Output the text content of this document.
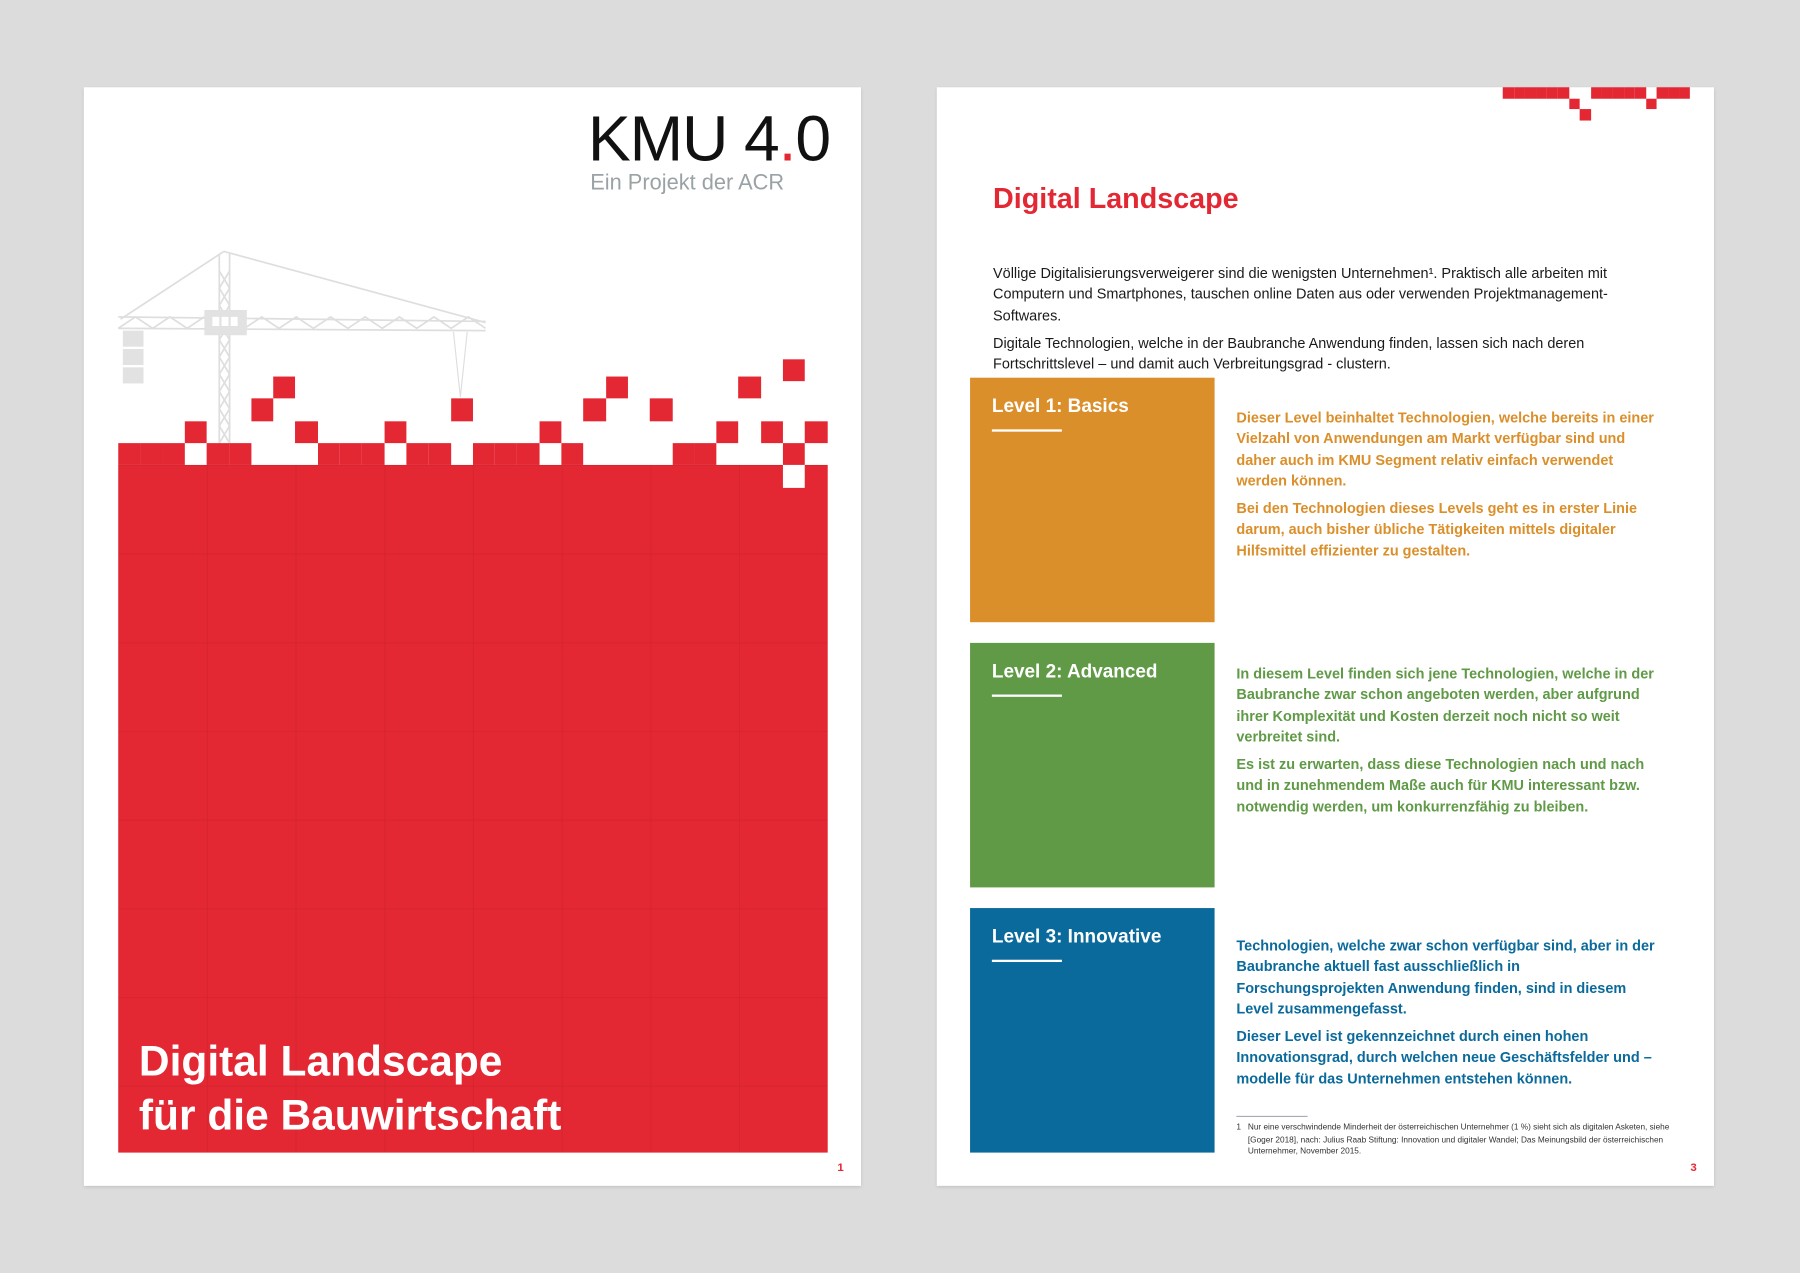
KMU 4.0
Ein Projekt der ACR
Digital Landscape
für die Bauwirtschaft
1
Digital Landscape

Völlige Digitalisierungsverweigerer sind die wenigsten Unternehmen¹. Praktisch alle arbeiten mit Computern und Smartphones, tauschen online Daten aus oder verwenden Projektmanagement-Softwares.

Digitale Technologien, welche in der Baubranche Anwendung finden, lassen sich nach deren Fortschrittslevel – und damit auch Verbreitungsgrad - clustern.

Level 1: Basics

Dieser Level beinhaltet Technologien, welche bereits in einer Vielzahl von Anwendungen am Markt verfügbar sind und daher auch im KMU Segment relativ einfach verwendet werden können.

Bei den Technologien dieses Levels geht es in erster Linie darum, auch bisher übliche Tätigkeiten mittels digitaler Hilfsmittel effizienter zu gestalten.

Level 2: Advanced	In diesem Level finden sich jene Technologien, welche in der Baubranche zwar schon angeboten werden, aber aufgrund ihrer Komplexität und Kosten derzeit noch nicht so weit verbreitet sind.

Es ist zu erwarten, dass diese Technologien nach und nach und in zunehmendem Maße auch für KMU interessant bzw. notwendig werden, um konkurrenzfähig zu bleiben.

Level 3: Innovative	Technologien, welche zwar schon verfügbar sind, aber in der Baubranche aktuell fast ausschließlich in Forschungsprojekten Anwendung finden, sind in diesem Level zusammengefasst.

Dieser Level ist gekennzeichnet durch einen hohen Innovationsgrad, durch welchen neue Geschäftsfelder und –modelle für das Unternehmen entstehen können.

1 Nur eine verschwindende Minderheit der österreichischen Unternehmer (1 %) sieht sich als digitalen Asketen, siehe [Goger 2018], nach: Julius Raab Stiftung: Innovation und digitaler Wandel; Das Meinungsbild der österreichischen Unternehmer, November 2015.
3
